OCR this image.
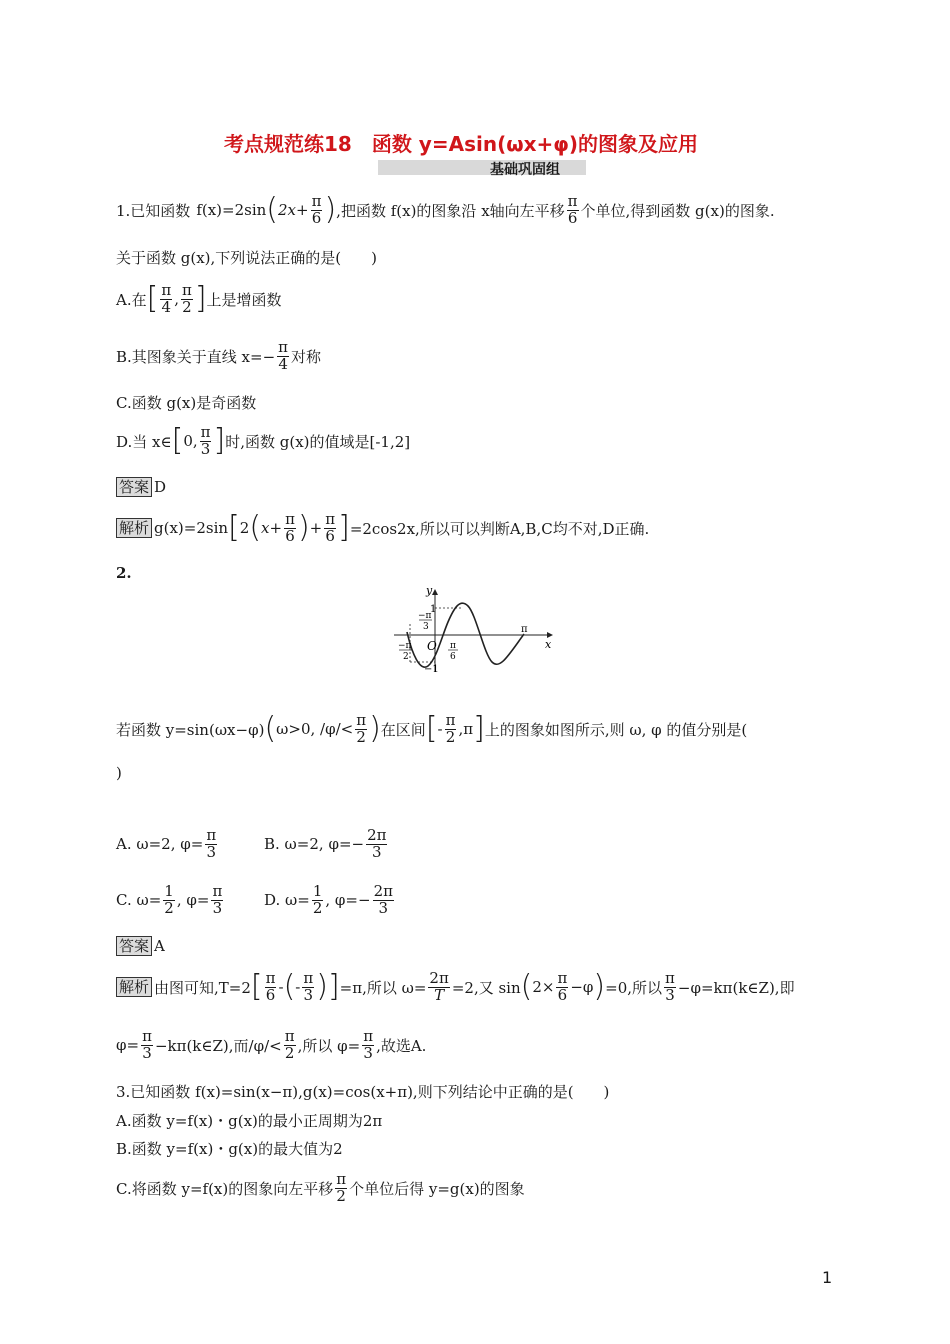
考点规范练18　函数 y=Asin(ωx+φ)的图象及应用
基础巩固组
1.已知函数 f(x)=2sin ( $2x+ \frac{\pi}{6}$ ) ,把函数 f(x)的图象沿 x轴向左平移 $\frac{\pi}{6}$ 个单位,得到函数 g(x)的图象.
关于函数 g(x),下列说法正确的是(　　)
A.在 [ $\frac{\pi}{4}$ , $\frac{\pi}{2}$ ] 上是增函数
B.其图象关于直线 $x=- \frac{\pi}{4}$ 对称
C.函数 g(x)是奇函数
D.当 x∈ [ 0, $\frac{\pi}{3}$ ] 时,函数 g(x)的值域是[-1,2]
答案 D
解析 g(x)=2sin [ 2 ( $x+ \frac{\pi}{6}$ ) + $\frac{\pi}{6}$ ] =2cos2x,所以可以判断A,B,C均不对,D正确.
2.
y
x
1
−1
O
π
−π
3
−π
2
π
6
若函数 y=sin(ωx−φ) ( ω>0, $/\varphi/< \frac{\pi}{2}$ ) 在区间 [ - $\frac{\pi}{2} ,\pi$ ] 上的图象如图所示,则 ω, φ 的值分别是(
)
A. ω=2, $\varphi= \frac{\pi}{3}$	B. ω=2, $\varphi=- \frac{2\pi}{3}$
C. $\omega= \frac{1}{2}$ , $\varphi= \frac{\pi}{3}$	D. $\omega= \frac{1}{2}$ , $\varphi=- \frac{2\pi}{3}$
答案 A
解析 由图可知,T=2 [ $\frac{\pi}{6}$ - ( - $\frac{\pi}{3}$ ) ] =π,所以 $\omega= \frac{2\pi}{T} =2$,又 sin ( $2\times \frac{\pi}{6} -\varphi$ ) =0,所以 $\frac{\pi}{3}$ −φ=kπ(k∈Z),即
$\varphi= \frac{\pi}{3}$ −kπ(k∈Z),而$/\varphi/< \frac{\pi}{2}$ ,所以 $\varphi= \frac{\pi}{3}$ ,故选A.
3.已知函数 f(x)=sin(x−π),g(x)=cos(x+π),则下列结论中正确的是(　　)
A.函数 y=f(x)・g(x)的最小正周期为2π
B.函数 y=f(x)・g(x)的最大值为2
C.将函数 y=f(x)的图象向左平移 $\frac{\pi}{2}$ 个单位后得 y=g(x)的图象
1
